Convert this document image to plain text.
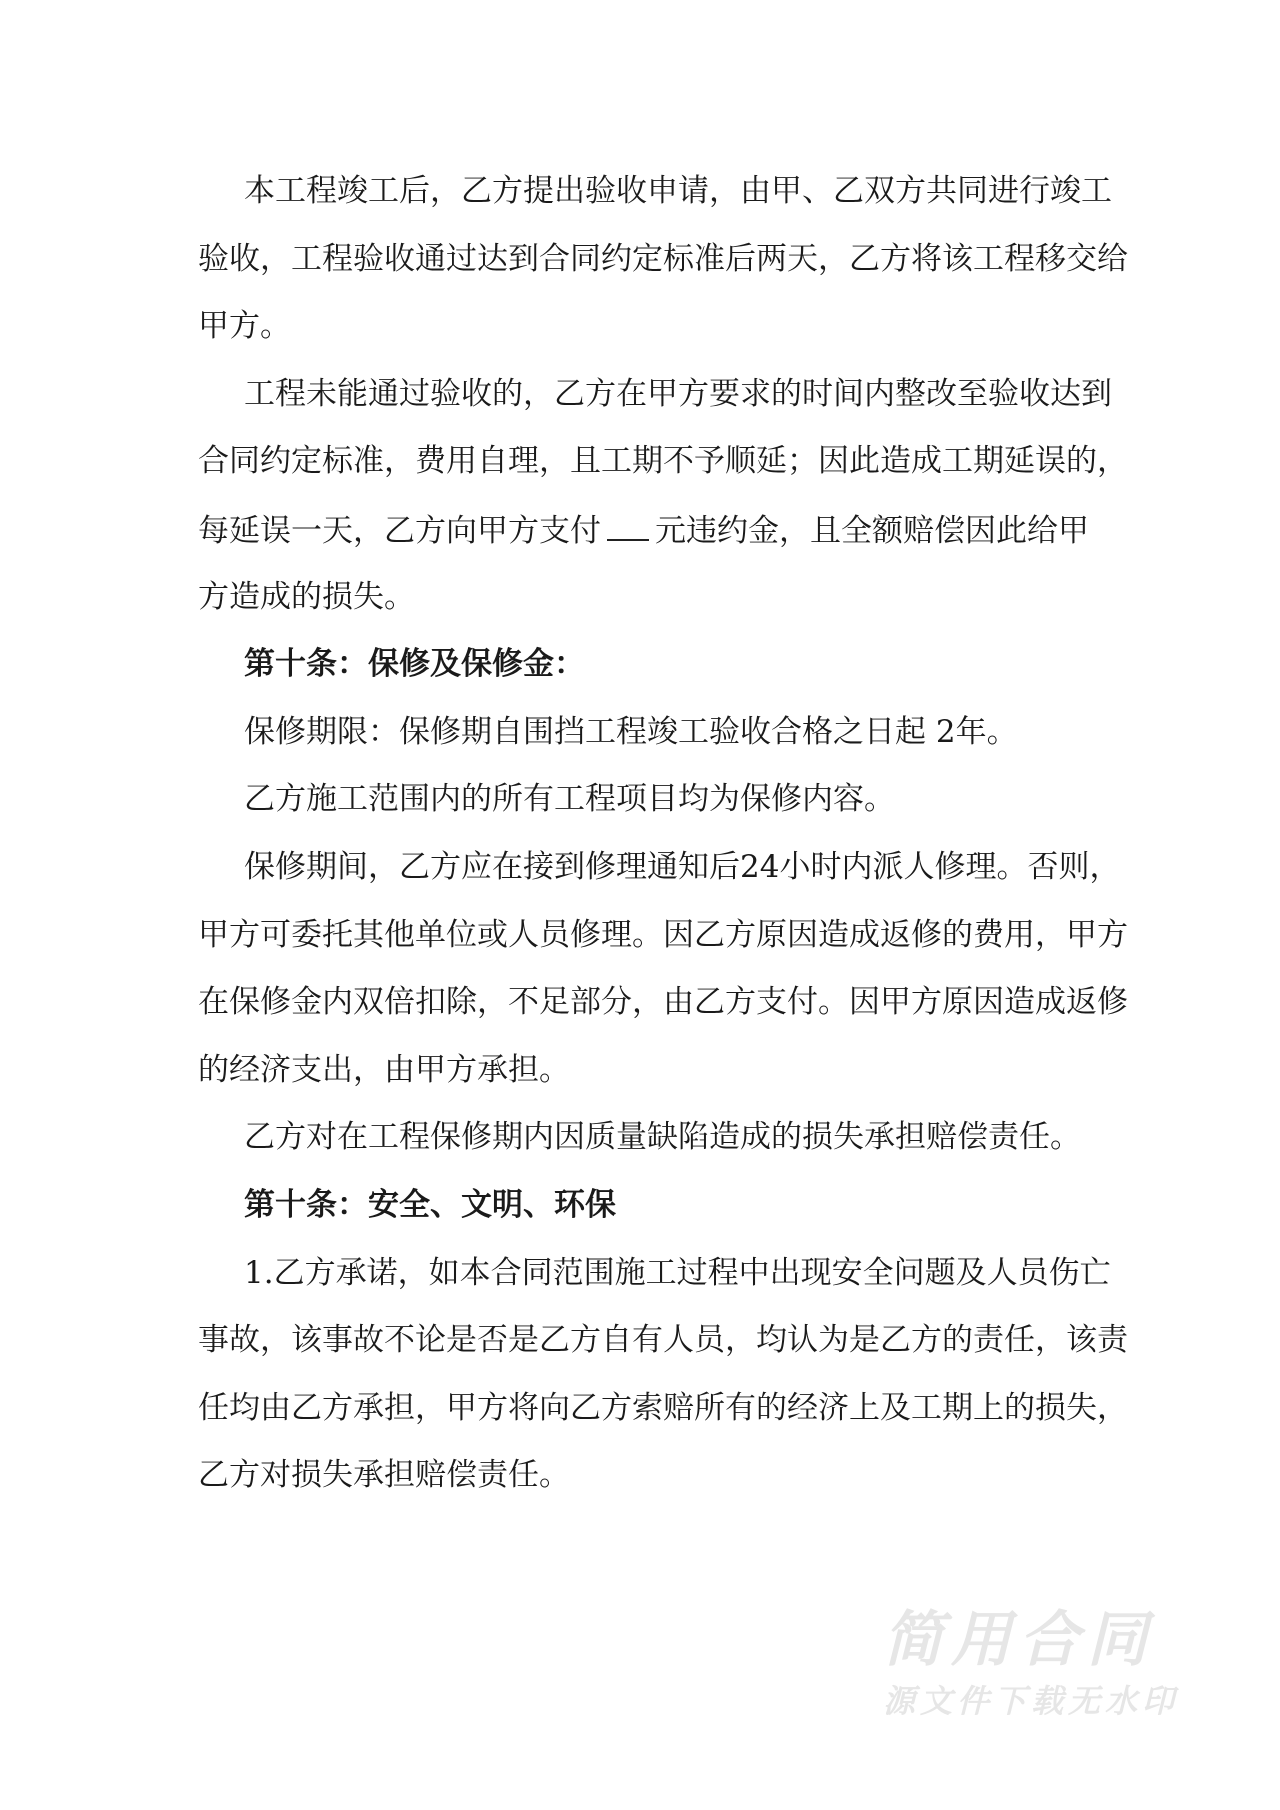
本工程竣工后，乙方提出验收申请，由甲、乙双方共同进行竣工
验收，工程验收通过达到合同约定标准后两天，乙方将该工程移交给
甲方。
工程未能通过验收的，乙方在甲方要求的时间内整改至验收达到
合同约定标准，费用自理，且工期不予顺延；因此造成工期延误的，
每延误一天，乙方向甲方支付 元违约金，且全额赔偿因此给甲
方造成的损失。
第十条：保修及保修金：
保修期限：保修期自围挡工程竣工验收合格之日起 2年。
乙方施工范围内的所有工程项目均为保修内容。
保修期间，乙方应在接到修理通知后24小时内派人修理。否则，
甲方可委托其他单位或人员修理。因乙方原因造成返修的费用，甲方
在保修金内双倍扣除，不足部分，由乙方支付。因甲方原因造成返修
的经济支出，由甲方承担。
乙方对在工程保修期内因质量缺陷造成的损失承担赔偿责任。
第十条：安全、文明、环保
1.乙方承诺，如本合同范围施工过程中出现安全问题及人员伤亡
事故，该事故不论是否是乙方自有人员，均认为是乙方的责任，该责
任均由乙方承担，甲方将向乙方索赔所有的经济上及工期上的损失，
乙方对损失承担赔偿责任。
简用合同
源文件下载无水印
